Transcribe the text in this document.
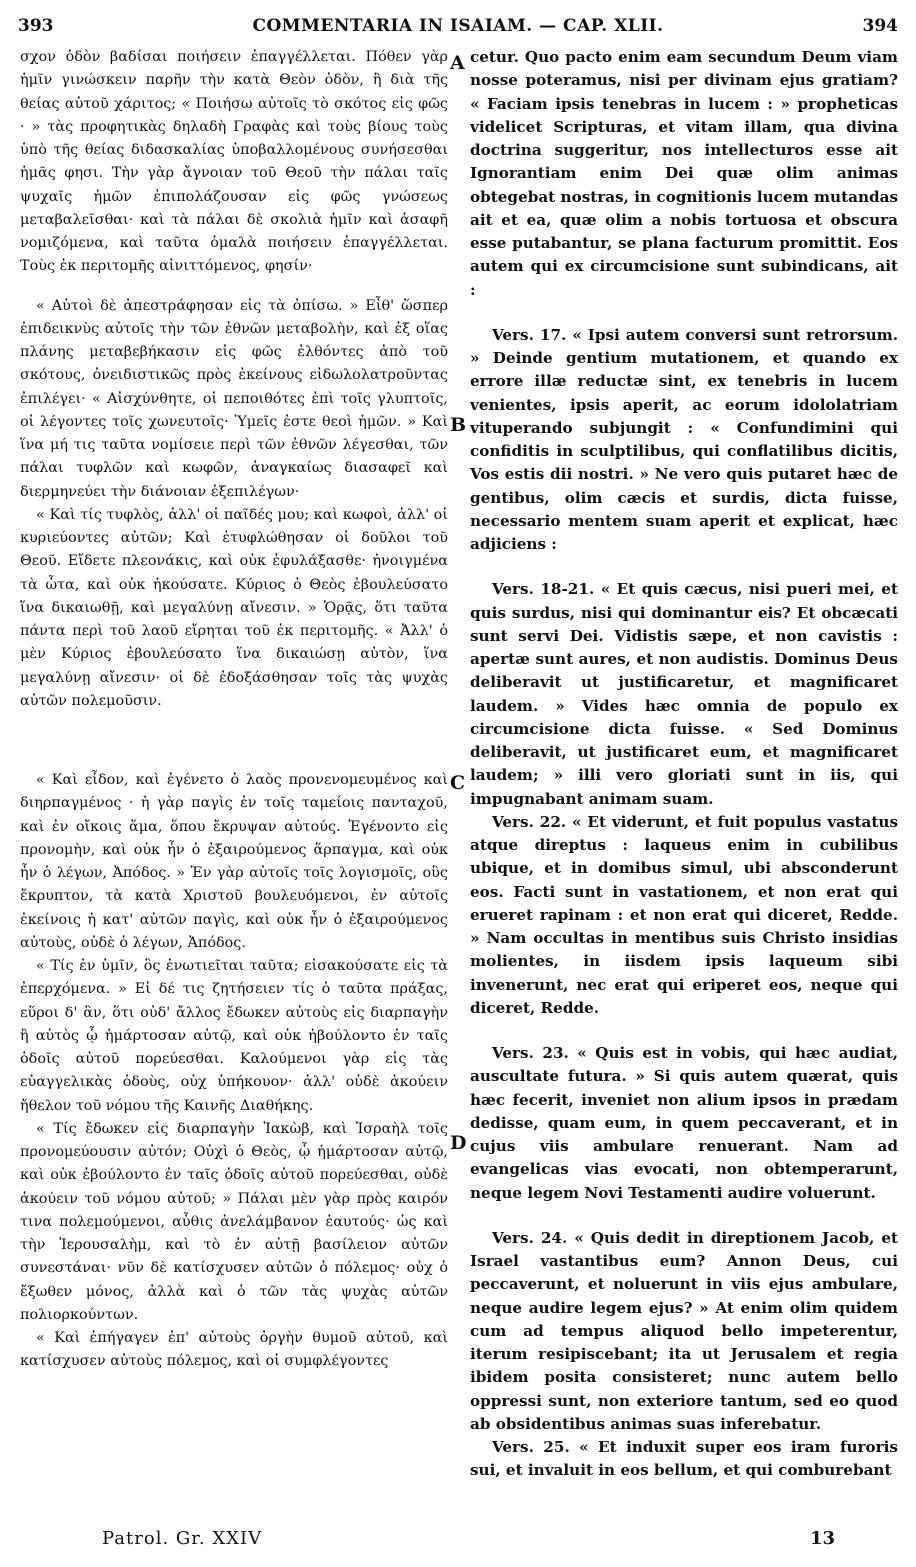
393	COMMENTARIA IN ISAIAM. — CAP. XLII.	394

σχον ὁδὸν βαδίσαι ποιήσειν ἐπαγγέλλεται. Πόθεν γὰρ ἡμῖν γινώσκειν παρῆν τὴν κατὰ Θεὸν ὁδὸν, ἢ διὰ τῆς θείας αὐτοῦ χάριτος; « Ποιήσω αὐτοῖς τὸ σκότος εἰς φῶς · » τὰς προφητικὰς δηλαδὴ Γραφὰς καὶ τοὺς βίους τοὺς ὑπὸ τῆς θείας διδασκαλίας ὑποβαλλομένους συνήσεσθαι ἡμᾶς φησι. Τὴν γὰρ ἄγνοιαν τοῦ Θεοῦ τὴν πάλαι ταῖς ψυχαῖς ἡμῶν ἐπιπολάζουσαν εἰς φῶς γνώσεως μεταβαλεῖσθαι· καὶ τὰ πάλαι δὲ σκολιὰ ἡμῖν καὶ ἀσαφῆ νομιζόμενα, καὶ ταῦτα ὁμαλὰ ποιήσειν ἐπαγγέλλεται. Τοὺς ἐκ περιτομῆς αἰνιττόμενος, φησίν·

« Αὐτοὶ δὲ ἀπεστράφησαν εἰς τὰ ὀπίσω. » Εἶθ' ὥσπερ ἐπιδεικνὺς αὐτοῖς τὴν τῶν ἐθνῶν μεταβολὴν, καὶ ἐξ οἵας πλάνης μεταβεβήκασιν εἰς φῶς ἐλθόντες ἀπὸ τοῦ σκότους, ὀνειδιστικῶς πρὸς ἐκείνους εἰδωλολατροῦντας ἐπιλέγει· « Αἰσχύνθητε, οἱ πεποιθότες ἐπὶ τοῖς γλυπτοῖς, οἱ λέγοντες τοῖς χωνευτοῖς· Ὑμεῖς ἐστε θεοὶ ἡμῶν. » Καὶ ἵνα μή τις ταῦτα νομίσειε περὶ τῶν ἐθνῶν λέγεσθαι, τῶν πάλαι τυφλῶν καὶ κωφῶν, ἀναγκαίως διασαφεῖ καὶ διερμηνεύει τὴν διάνοιαν ἐξεπιλέγων·

« Καὶ τίς τυφλὸς, ἀλλ' οἱ παῖδές μου; καὶ κωφοὶ, ἀλλ' οἱ κυριεύοντες αὐτῶν; Καὶ ἐτυφλώθησαν οἱ δοῦλοι τοῦ Θεοῦ. Εἴδετε πλεονάκις, καὶ οὐκ ἐφυλάξασθε· ἠνοιγμένα τὰ ὦτα, καὶ οὐκ ἠκούσατε. Κύριος ὁ Θεὸς ἐβουλεύσατο ἵνα δικαιωθῇ, καὶ μεγαλύνῃ αἴνεσιν. » Ὁρᾷς, ὅτι ταῦτα πάντα περὶ τοῦ λαοῦ εἴρηται τοῦ ἐκ περιτομῆς. « Ἀλλ' ὁ μὲν Κύριος ἐβουλεύσατο ἵνα δικαιώσῃ αὐτὸν, ἵνα μεγαλύνῃ αἴνεσιν· οἱ δὲ ἐδοξάσθησαν τοῖς τὰς ψυχὰς αὐτῶν πολεμοῦσιν.

« Καὶ εἶδον, καὶ ἐγένετο ὁ λαὸς προνενομευμένος καὶ διηρπαγμένος · ἡ γὰρ παγὶς ἐν τοῖς ταμείοις πανταχοῦ, καὶ ἐν οἴκοις ἅμα, ὅπου ἔκρυψαν αὐτούς. Ἐγένοντο εἰς προνομὴν, καὶ οὐκ ἦν ὁ ἐξαιρούμενος ἅρπαγμα, καὶ οὐκ ἦν ὁ λέγων, Ἀπόδος. » Ἐν γὰρ αὐτοῖς τοῖς λογισμοῖς, οὓς ἔκρυπτον, τὰ κατὰ Χριστοῦ βουλευόμενοι, ἐν αὐτοῖς ἐκείνοις ἡ κατ' αὐτῶν παγὶς, καὶ οὐκ ἦν ὁ ἐξαιρούμενος αὐτοὺς, οὐδὲ ὁ λέγων, Ἀπόδος.

« Τίς ἐν ὑμῖν, ὃς ἐνωτιεῖται ταῦτα; εἰσακούσατε εἰς τὰ ἐπερχόμενα. » Εἰ δέ τις ζητήσειεν τίς ὁ ταῦτα πράξας, εὕροι δ' ἂν, ὅτι οὐδ' ἄλλος ἔδωκεν αὐτοὺς εἰς διαρπαγὴν ἢ αὐτὸς ᾧ ἡμάρτοσαν αὐτῷ, καὶ οὐκ ἠβούλοντο ἐν ταῖς ὁδοῖς αὐτοῦ πορεύεσθαι. Καλούμενοι γὰρ εἰς τὰς εὐαγγελικὰς ὁδοὺς, οὐχ ὑπήκουον· ἀλλ' οὐδὲ ἀκούειν ἤθελον τοῦ νόμου τῆς Καινῆς Διαθήκης.

« Τίς ἔδωκεν εἰς διαρπαγὴν Ἰακὼβ, καὶ Ἰσραὴλ τοῖς προνομεύουσιν αὐτόν; Οὐχὶ ὁ Θεὸς, ᾧ ἡμάρτοσαν αὐτῷ, καὶ οὐκ ἐβούλοντο ἐν ταῖς ὁδοῖς αὐτοῦ πορεύεσθαι, οὐδὲ ἀκούειν τοῦ νόμου αὐτοῦ; » Πάλαι μὲν γὰρ πρὸς καιρόν τινα πολεμούμενοι, αὖθις ἀνελάμβανον ἑαυτούς· ὡς καὶ τὴν Ἱερουσαλὴμ, καὶ τὸ ἐν αὐτῇ βασίλειον αὐτῶν συνεστάναι· νῦν δὲ κατίσχυσεν αὐτῶν ὁ πόλεμος· οὐχ ὁ ἔξωθεν μόνος, ἀλλὰ καὶ ὁ τῶν τὰς ψυχὰς αὐτῶν πολιορκούντων.

« Καὶ ἐπήγαγεν ἐπ' αὐτοὺς ὀργὴν θυμοῦ αὐτοῦ, καὶ κατίσχυσεν αὐτοὺς πόλεμος, καὶ οἱ συμφλέγοντες

A
B
C
D

cetur. Quo pacto enim eam secundum Deum viam nosse poteramus, nisi per divinam ejus gratiam? « Faciam ipsis tenebras in lucem : » propheticas videlicet Scripturas, et vitam illam, qua divina doctrina suggeritur, nos intellecturos esse ait Ignorantiam enim Dei quæ olim animas obtegebat nostras, in cognitionis lucem mutandas ait et ea, quæ olim a nobis tortuosa et obscura esse putabantur, se plana facturum promittit. Eos autem qui ex circumcisione sunt subindicans, ait :

Vers. 17. « Ipsi autem conversi sunt retrorsum. » Deinde gentium mutationem, et quando ex errore illæ reductæ sint, ex tenebris in lucem venientes, ipsis aperit, ac eorum idololatriam vituperando subjungit : « Confundimini qui confiditis in sculptilibus, qui conflatilibus dicitis, Vos estis dii nostri. » Ne vero quis putaret hæc de gentibus, olim cæcis et surdis, dicta fuisse, necessario mentem suam aperit et explicat, hæc adjiciens :

Vers. 18-21. « Et quis cæcus, nisi pueri mei, et quis surdus, nisi qui dominantur eis? Et obcæcati sunt servi Dei. Vidistis sæpe, et non cavistis : apertæ sunt aures, et non audistis. Dominus Deus deliberavit ut justificaretur, et magnificaret laudem. » Vides hæc omnia de populo ex circumcisione dicta fuisse. « Sed Dominus deliberavit, ut justificaret eum, et magnificaret laudem; » illi vero gloriati sunt in iis, qui impugnabant animam suam.

Vers. 22. « Et viderunt, et fuit populus vastatus atque direptus : laqueus enim in cubilibus ubique, et in domibus simul, ubi absconderunt eos. Facti sunt in vastationem, et non erat qui erueret rapinam : et non erat qui diceret, Redde. » Nam occultas in mentibus suis Christo insidias molientes, in iisdem ipsis laqueum sibi invenerunt, nec erat qui eriperet eos, neque qui diceret, Redde.

Vers. 23. « Quis est in vobis, qui hæc audiat, auscultate futura. » Si quis autem quærat, quis hæc fecerit, inveniet non alium ipsos in prædam dedisse, quam eum, in quem peccaverant, et in cujus viis ambulare renuerant. Nam ad evangelicas vias evocati, non obtemperarunt, neque legem Novi Testamenti audire voluerunt.

Vers. 24. « Quis dedit in direptionem Jacob, et Israel vastantibus eum? Annon Deus, cui peccaverunt, et noluerunt in viis ejus ambulare, neque audire legem ejus? » At enim olim quidem cum ad tempus aliquod bello impeterentur, iterum resipiscebant; ita ut Jerusalem et regia ibidem posita consisteret; nunc autem bello oppressi sunt, non exteriore tantum, sed eo quod ab obsidentibus animas suas inferebatur.

Vers. 25. « Et induxit super eos iram furoris sui, et invaluit in eos bellum, et qui comburebant

Patrol. Gr. XXIV	13
